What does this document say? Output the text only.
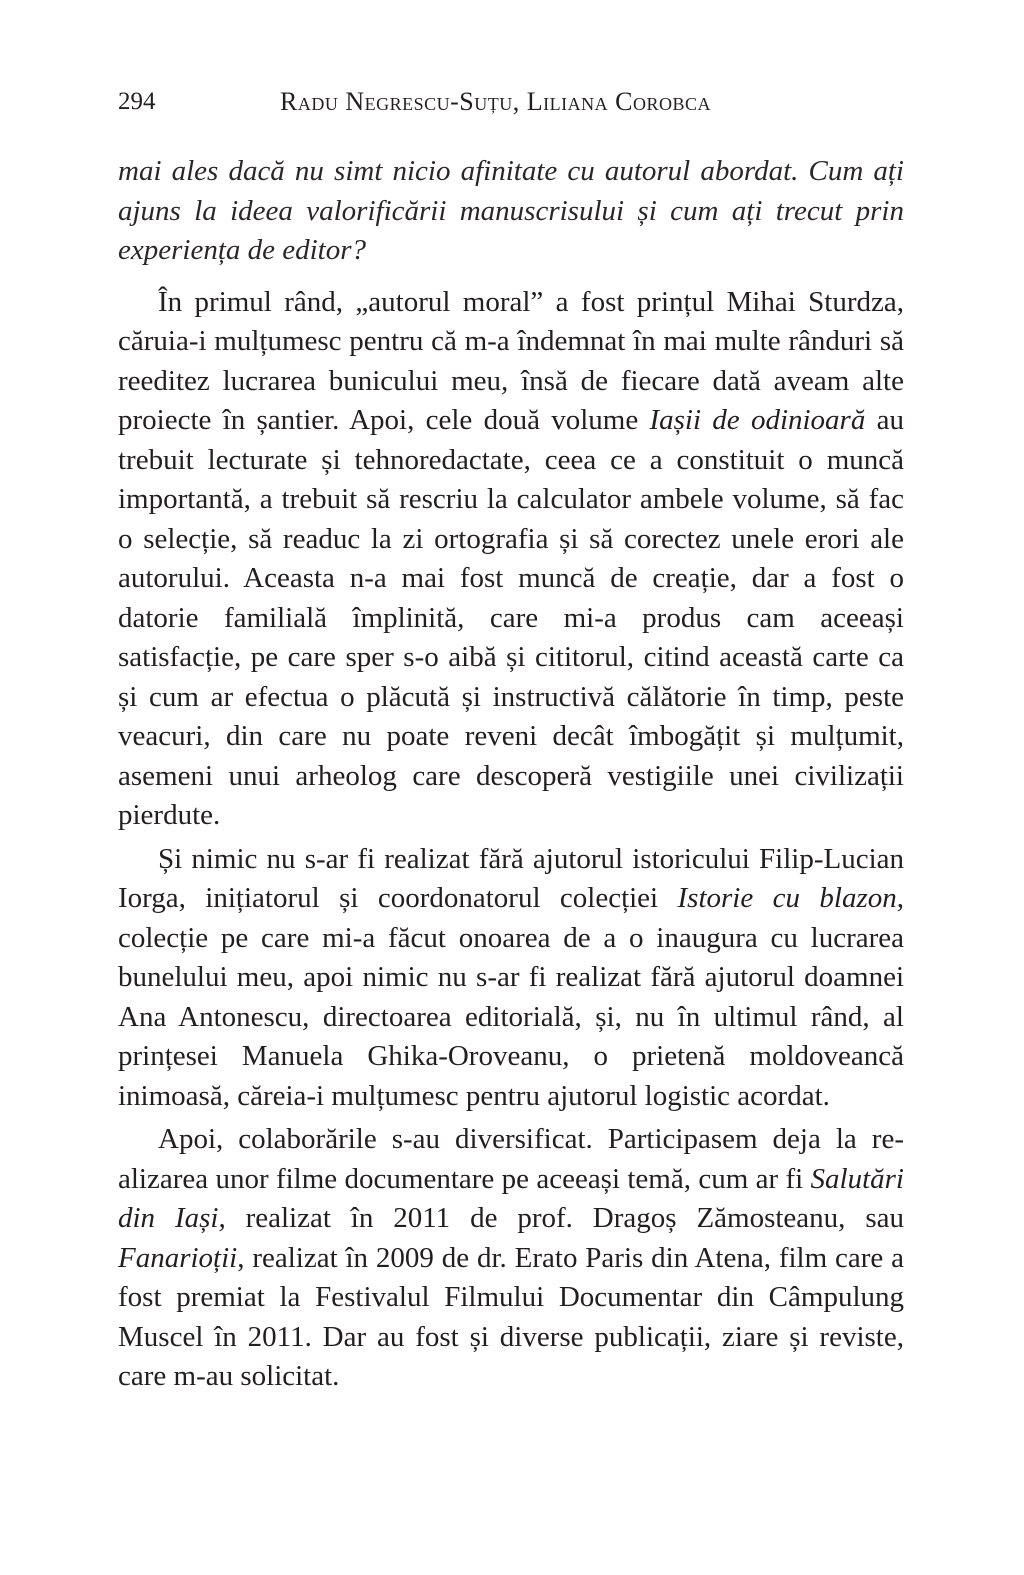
294	Radu Negrescu-Suțu, Liliana Corobca

mai ales dacă nu simt nicio afinitate cu autorul abordat. Cum ați ajuns la ideea valorificării manuscrisului și cum ați trecut prin experiența de editor?

În primul rând, „autorul moral” a fost prințul Mihai Sturdza, căruia-i mulțumesc pentru că m-a îndemnat în mai multe rânduri să reeditez lucrarea bunicului meu, însă de fiecare dată aveam alte proiecte în șantier. Apoi, cele două volume Iașii de odinioară au trebuit lecturate și tehnoredactate, ceea ce a constituit o muncă importantă, a trebuit să rescriu la calculator ambele volume, să fac o selecție, să readuc la zi ortografia și să corectez unele erori ale autorului. Aceasta n-a mai fost muncă de creație, dar a fost o datorie familială împlinită, care mi-a produs cam aceeași satisfacție, pe care sper s-o aibă și cititorul, citind această carte ca și cum ar efectua o plăcută și instructivă călătorie în timp, peste veacuri, din care nu poate reveni decât îmbogățit și mulțumit, asemeni unui arheolog care descoperă vestigiile unei civilizații pierdute.

Și nimic nu s-ar fi realizat fără ajutorul istoricului Filip-Lucian Iorga, inițiatorul și coordonatorul colecției Istorie cu blazon, colecție pe care mi-a făcut onoarea de a o inaugura cu lucrarea bunelului meu, apoi nimic nu s-ar fi realizat fără ajutorul doamnei Ana Antonescu, directoarea editorială, și, nu în ultimul rând, al prințesei Manuela Ghika-Oroveanu, o prietenă moldoveancă inimoasă, căreia-i mulțumesc pentru ajutorul logistic acordat.

Apoi, colaborările s-au diversificat. Participasem deja la realizarea unor filme documentare pe aceeași temă, cum ar fi Salutări din Iași, realizat în 2011 de prof. Dragoș Zămosteanu, sau Fanarioții, realizat în 2009 de dr. Erato Paris din Atena, film care a fost premiat la Festivalul Filmului Documentar din Câmpulung Muscel în 2011. Dar au fost și diverse publicații, ziare și reviste, care m-au solicitat.
